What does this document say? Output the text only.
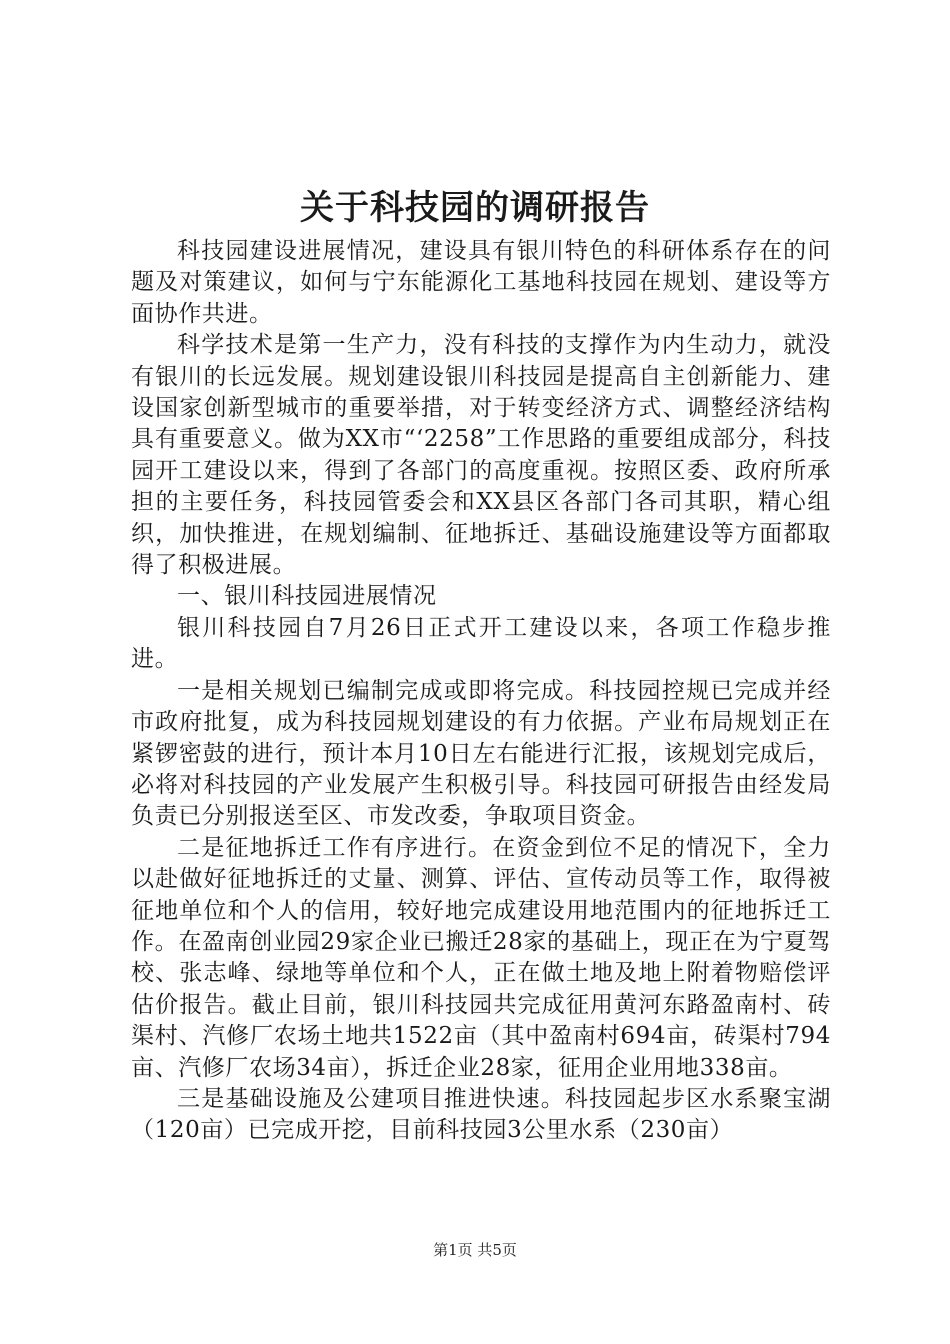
关于科技园的调研报告

科技园建设进展情况，建设具有银川特色的科研体系存在的问题及对策建议，如何与宁东能源化工基地科技园在规划、建设等方面协作共进。

科学技术是第一生产力，没有科技的支撑作为内生动力，就没有银川的长远发展。规划建设银川科技园是提高自主创新能力、建设国家创新型城市的重要举措，对于转变经济方式、调整经济结构具有重要意义。做为XX市“‘2258”工作思路的重要组成部分，科技园开工建设以来，得到了各部门的高度重视。按照区委、政府所承担的主要任务，科技园管委会和XX县区各部门各司其职，精心组织，加快推进，在规划编制、征地拆迁、基础设施建设等方面都取得了积极进展。

一、银川科技园进展情况

银川科技园自7月26日正式开工建设以来，各项工作稳步推进。

一是相关规划已编制完成或即将完成。科技园控规已完成并经市政府批复，成为科技园规划建设的有力依据。产业布局规划正在紧锣密鼓的进行，预计本月10日左右能进行汇报，该规划完成后，必将对科技园的产业发展产生积极引导。科技园可研报告由经发局负责已分别报送至区、市发改委，争取项目资金。

二是征地拆迁工作有序进行。在资金到位不足的情况下，全力以赴做好征地拆迁的丈量、测算、评估、宣传动员等工作，取得被征地单位和个人的信用，较好地完成建设用地范围内的征地拆迁工作。在盈南创业园29家企业已搬迁28家的基础上，现正在为宁夏驾校、张志峰、绿地等单位和个人，正在做土地及地上附着物赔偿评估价报告。截止目前，银川科技园共完成征用黄河东路盈南村、砖渠村、汽修厂农场土地共1522亩（其中盈南村694亩，砖渠村794亩、汽修厂农场34亩），拆迁企业28家，征用企业用地338亩。

三是基础设施及公建项目推进快速。科技园起步区水系聚宝湖（120亩）已完成开挖，目前科技园3公里水系（230亩）

第1页 共5页
